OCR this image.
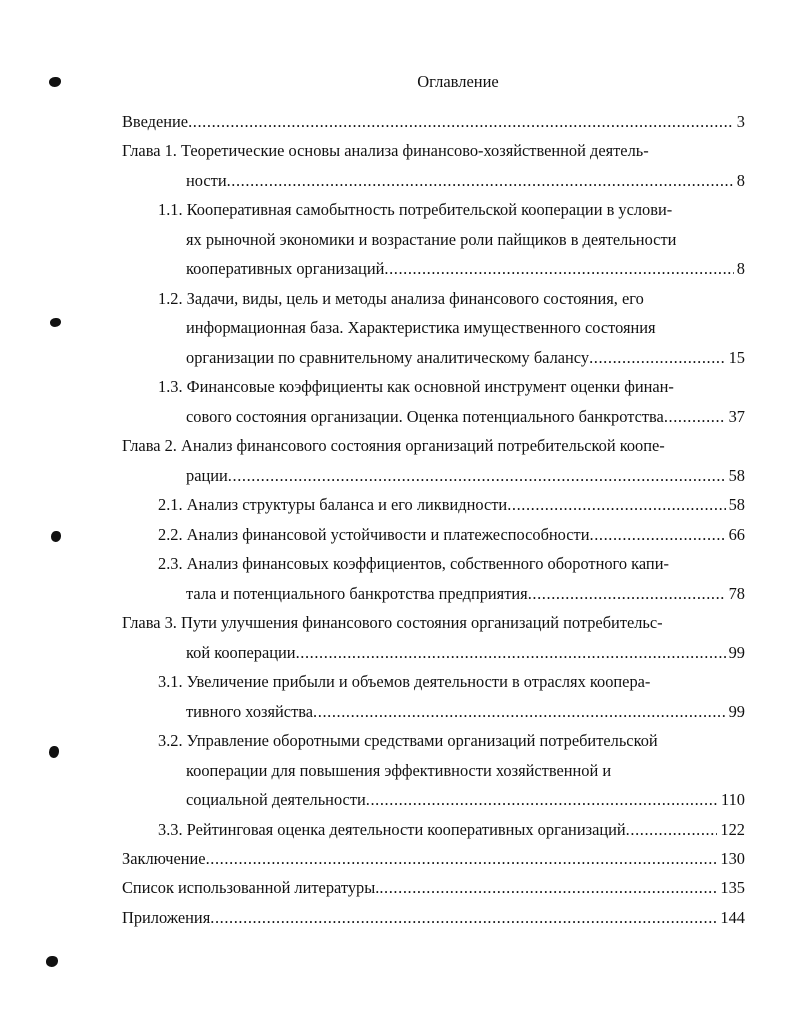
Оглавление
Введение .....	3
Глава 1. Теоретические основы анализа финансово-хозяйственной деятель-
ности .....	8
1.1. Кооперативная самобытность потребительской кооперации в услови-
ях рыночной экономики и возрастание роли пайщиков в деятельности
кооперативных организаций .....	8
1.2. Задачи, виды, цель и методы анализа финансового состояния, его
информационная база. Характеристика имущественного состояния
организации по сравнительному аналитическому балансу .....	15
1.3. Финансовые коэффициенты как основной инструмент оценки финан-
сового состояния организации. Оценка потенциального банкротства .....	37
Глава 2. Анализ финансового состояния организаций потребительской коопе-
рации .....	58
2.1. Анализ структуры баланса и его ликвидности .....	58
2.2. Анализ финансовой устойчивости и платежеспособности .....	66
2.3. Анализ финансовых коэффициентов, собственного оборотного капи-
тала и потенциального банкротства предприятия .....	78
Глава 3. Пути улучшения финансового состояния организаций потребительс-
кой кооперации .....	99
3.1. Увеличение прибыли и объемов деятельности в отраслях коопера-
тивного хозяйства .....	99
3.2. Управление оборотными средствами организаций потребительской
кооперации для повышения эффективности хозяйственной и
социальной деятельности .....	110
3.3. Рейтинговая оценка деятельности кооперативных организаций .....	122
Заключение .....	130
Список использованной литературы. .....	135
Приложения .....	144
